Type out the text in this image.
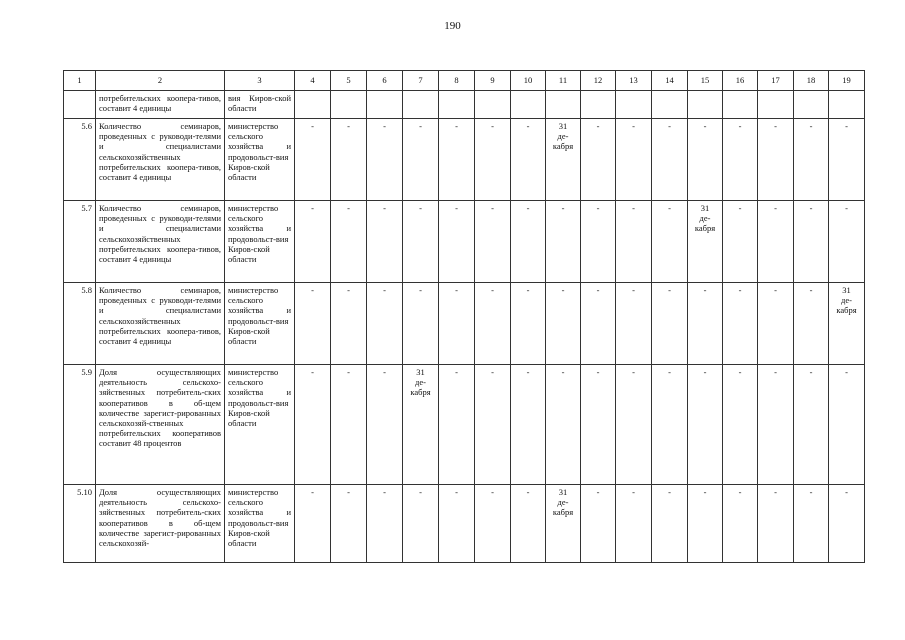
190
1	2	3	4	5	6	7	8	9	10	11	12	13	14	15	16	17	18	19
	потребительских коопера-тивов, составит 4 единицы	вия Киров-ской области																
5.6	Количество семинаров, проведенных с руководи-телями и специалистами сельскохозяйственных потребительских коопера-тивов, составит 4 единицы	министерство сельского хозяйства и продовольст-вия Киров-ской области	-	-	-	-	-	-	-	31
де-
кабря	-	-	-	-	-	-	-	-
5.7	Количество семинаров, проведенных с руководи-телями и специалистами сельскохозяйственных потребительских коопера-тивов, составит 4 единицы	министерство сельского хозяйства и продовольст-вия Киров-ской области	-	-	-	-	-	-	-	-	-	-	-	31
де-
кабря	-	-	-	-
5.8	Количество семинаров, проведенных с руководи-телями и специалистами сельскохозяйственных потребительских коопера-тивов, составит 4 единицы	министерство сельского хозяйства и продовольст-вия Киров-ской области	-	-	-	-	-	-	-	-	-	-	-	-	-	-	-	31
де-
кабря

5.9	Доля осуществляющих деятельность сельскохо-зяйственных потребитель-ских кооперативов в об-щем количестве зарегист-рированных сельскохозяй-ственных потребительских кооперативов составит 48 процентов	министерство сельского хозяйства и продовольст-вия Киров-ской области	-	-	-	31
де-
кабря	-	-	-	-	-	-	-	-	-	-	-	-
5.10	Доля осуществляющих деятельность сельскохо-зяйственных потребитель-ских кооперативов в об-щем количестве зарегист-рированных сельскохозяй-	министерство сельского хозяйства и продовольст-вия Киров-ской области	-	-	-	-	-	-	-	31
де-
кабря	-	-	-	-	-	-	-	-
